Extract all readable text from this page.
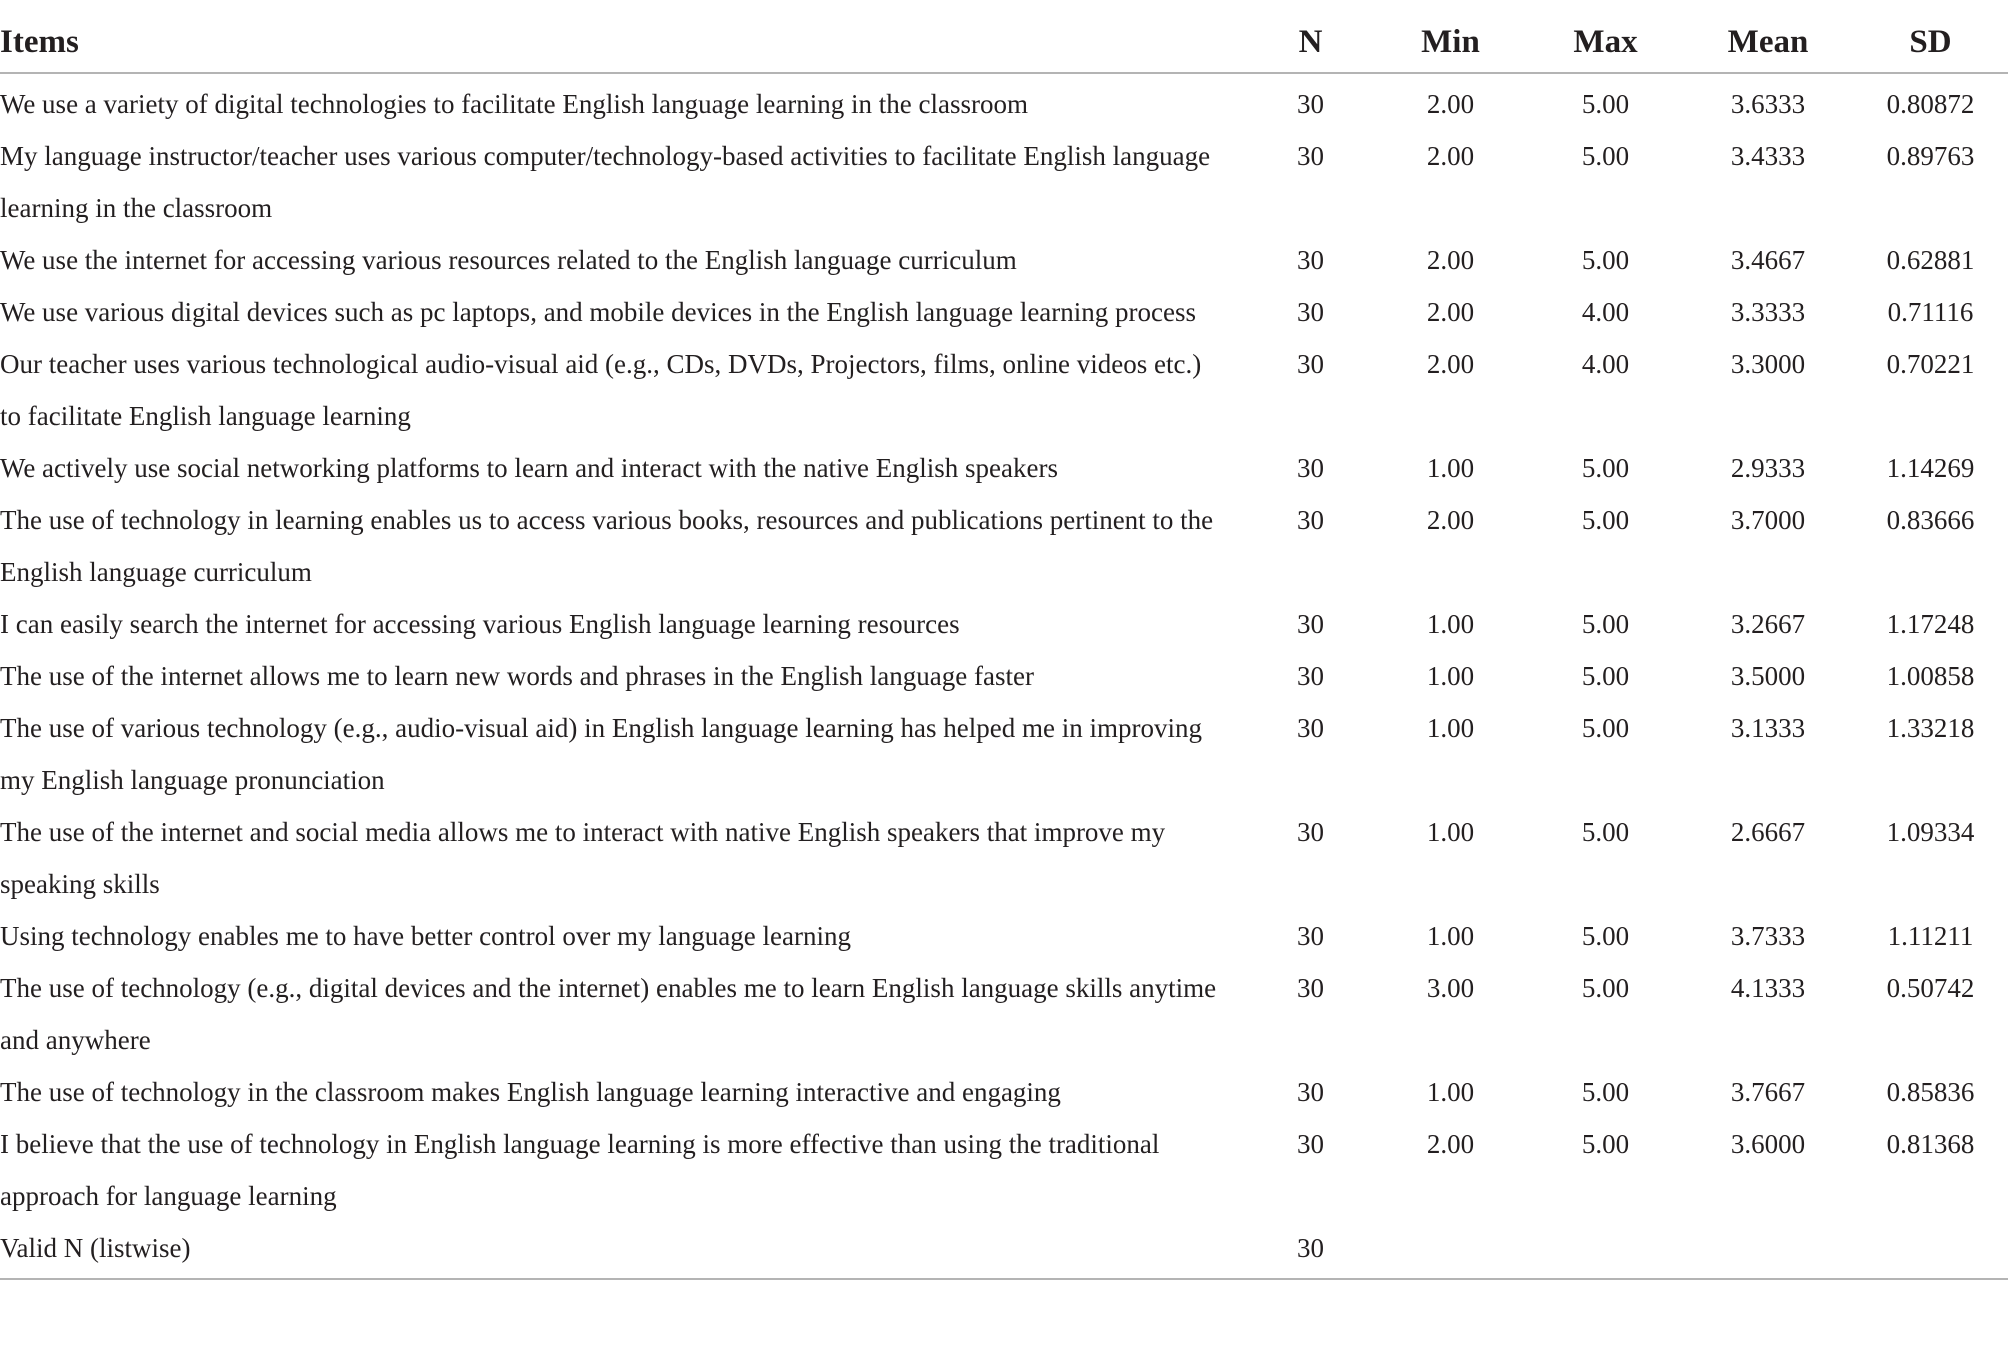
Items	N	Min	Max	Mean	SD
We use a variety of digital technologies to facilitate English language learning in the classroom	30	2.00	5.00	3.6333	0.80872
My language instructor/teacher uses various computer/technology-based activities to facilitate English language learning in the classroom	30	2.00	5.00	3.4333	0.89763
We use the internet for accessing various resources related to the English language curriculum	30	2.00	5.00	3.4667	0.62881
We use various digital devices such as pc laptops, and mobile devices in the English language learning process	30	2.00	4.00	3.3333	0.71116
Our teacher uses various technological audio-visual aid (e.g., CDs, DVDs, Projectors, films, online videos etc.) to facilitate English language learning	30	2.00	4.00	3.3000	0.70221
We actively use social networking platforms to learn and interact with the native English speakers	30	1.00	5.00	2.9333	1.14269
The use of technology in learning enables us to access various books, resources and publications pertinent to the English language curriculum	30	2.00	5.00	3.7000	0.83666
I can easily search the internet for accessing various English language learning resources	30	1.00	5.00	3.2667	1.17248
The use of the internet allows me to learn new words and phrases in the English language faster	30	1.00	5.00	3.5000	1.00858
The use of various technology (e.g., audio-visual aid) in English language learning has helped me in improving my English language pronunciation	30	1.00	5.00	3.1333	1.33218
The use of the internet and social media allows me to interact with native English speakers that improve my speaking skills	30	1.00	5.00	2.6667	1.09334
Using technology enables me to have better control over my language learning	30	1.00	5.00	3.7333	1.11211
The use of technology (e.g., digital devices and the internet) enables me to learn English language skills anytime and anywhere	30	3.00	5.00	4.1333	0.50742
The use of technology in the classroom makes English language learning interactive and engaging	30	1.00	5.00	3.7667	0.85836
I believe that the use of technology in English language learning is more effective than using the traditional approach for language learning	30	2.00	5.00	3.6000	0.81368
Valid N (listwise)	30				
